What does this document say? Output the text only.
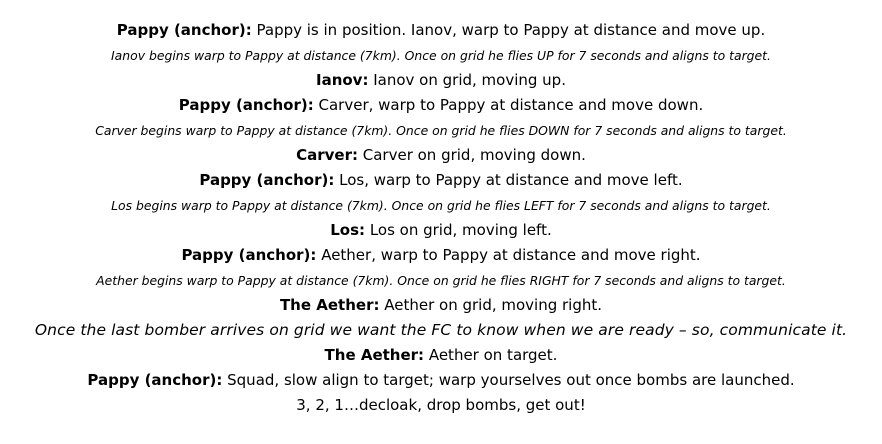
Pappy (anchor): Pappy is in position. Ianov, warp to Pappy at distance and move up.

Ianov begins warp to Pappy at distance (7km). Once on grid he flies UP for 7 seconds and aligns to target.

Ianov: Ianov on grid, moving up.

Pappy (anchor): Carver, warp to Pappy at distance and move down.

Carver begins warp to Pappy at distance (7km). Once on grid he flies DOWN for 7 seconds and aligns to target.

Carver: Carver on grid, moving down.

Pappy (anchor): Los, warp to Pappy at distance and move left.

Los begins warp to Pappy at distance (7km). Once on grid he flies LEFT for 7 seconds and aligns to target.

Los: Los on grid, moving left.

Pappy (anchor): Aether, warp to Pappy at distance and move right.

Aether begins warp to Pappy at distance (7km). Once on grid he flies RIGHT for 7 seconds and aligns to target.

The Aether: Aether on grid, moving right.

Once the last bomber arrives on grid we want the FC to know when we are ready – so, communicate it.

The Aether: Aether on target.

Pappy (anchor): Squad, slow align to target; warp yourselves out once bombs are launched.

3, 2, 1…decloak, drop bombs, get out!
